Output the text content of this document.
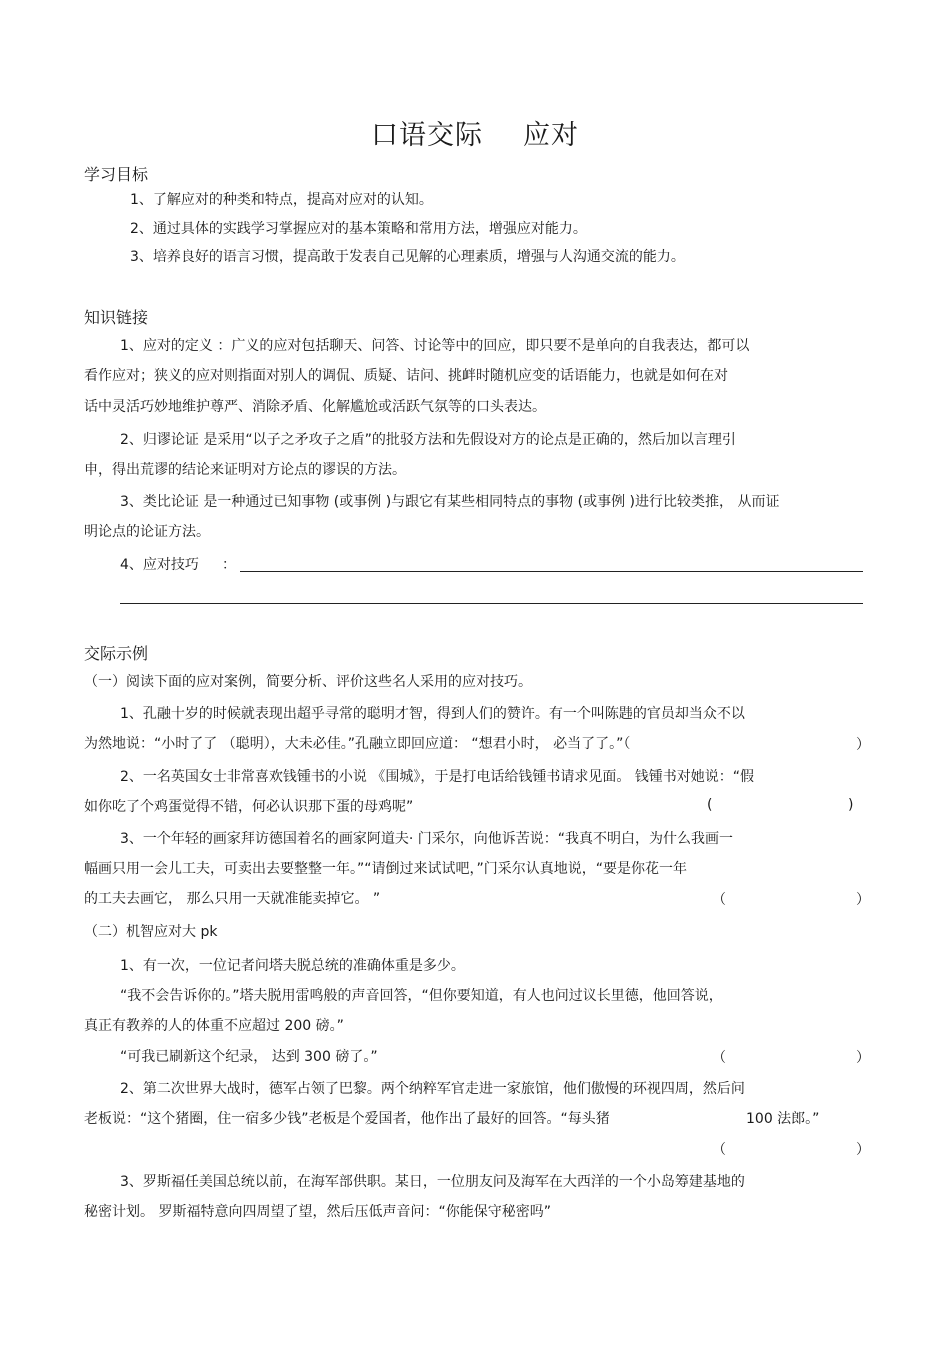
口语交际 应对
学习目标
1、了解应对的种类和特点，提高对应对的认知。
2、通过具体的实践学习掌握应对的基本策略和常用方法，增强应对能力。
3、培养良好的语言习惯，提高敢于发表自己见解的心理素质，增强与人沟通交流的能力。
知识链接
1、应对的定义 ：广义的应对包括聊天、问答、讨论等中的回应，即只要不是单向的自我表达，都可以
看作应对；狭义的应对则指面对别人的调侃、质疑、诘问、挑衅时随机应变的话语能力，也就是如何在对
话中灵活巧妙地维护尊严、消除矛盾、化解尴尬或活跃气氛等的口头表达。
2、归谬论证 是采用“以子之矛攻子之盾”的批驳方法和先假设对方的论点是正确的，然后加以言理引
申，得出荒谬的结论来证明对方论点的谬误的方法。
3、类比论证 是一种通过已知事物 (或事例 )与跟它有某些相同特点的事物 (或事例 )进行比较类推， 从而证
明论点的论证方法。
4、应对技巧 ：
交际示例
（一）阅读下面的应对案例，简要分析、评价这些名人采用的应对技巧。
1、孔融十岁的时候就表现出超乎寻常的聪明才智，得到人们的赞许。有一个叫陈韪的官员却当众不以
为然地说：“小时了了 （聪明），大未必佳。”孔融立即回应道： “想君小时， 必当了了。”（	）
2、一名英国女士非常喜欢钱锺书的小说 《围城》，于是打电话给钱锺书请求见面。 钱锺书对她说：“假
如你吃了个鸡蛋觉得不错，何必认识那下蛋的母鸡呢”	(	)
3、一个年轻的画家拜访德国着名的画家阿道夫· 门采尔，向他诉苦说：“我真不明白，为什么我画一
幅画只用一会儿工夫，可卖出去要整整一年。”“请倒过来试试吧，”门采尔认真地说，“要是你花一年
的工夫去画它， 那么只用一天就准能卖掉它。 ”	（	）
（二）机智应对大 pk
1、有一次，一位记者问塔夫脱总统的准确体重是多少。
“我不会告诉你的。”塔夫脱用雷鸣般的声音回答，“但你要知道，有人也问过议长里德，他回答说，
真正有教养的人的体重不应超过 200 磅。”
“可我已刷新这个纪录， 达到 300 磅了。”	（	）
2、第二次世界大战时，德军占领了巴黎。两个纳粹军官走进一家旅馆，他们傲慢的环视四周，然后问
老板说：“这个猪圈，住一宿多少钱”老板是个爱国者，他作出了最好的回答。“每头猪	100 法郎。”
（	）
3、罗斯福任美国总统以前，在海军部供职。某日，一位朋友问及海军在大西洋的一个小岛筹建基地的
秘密计划。 罗斯福特意向四周望了望，然后压低声音问：“你能保守秘密吗”
